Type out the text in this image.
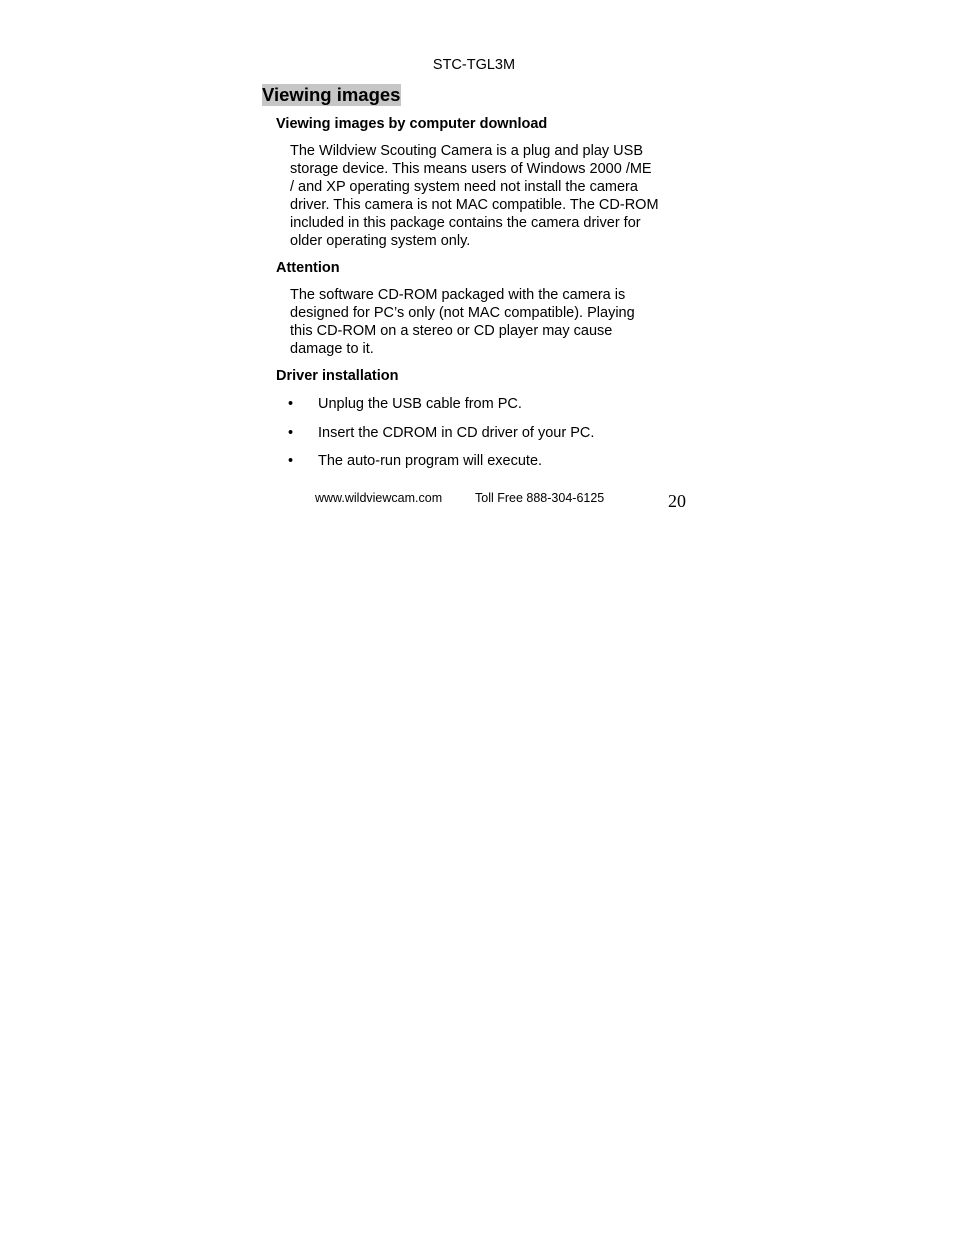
STC-TGL3M
Viewing images
Viewing images by computer download
The Wildview Scouting Camera is a plug and play USB
storage device. This means users of Windows 2000 /ME
/ and XP operating system need not install the camera
driver. This camera is not MAC compatible. The CD-ROM
included in this package contains the camera driver for
older operating system only.
Attention
The software CD-ROM packaged with the camera is
designed for PC’s only (not MAC compatible). Playing
this CD-ROM on a stereo or CD player may cause
damage to it.
Driver installation
• Unplug the USB cable from PC.
• Insert the CDROM in CD driver of your PC.
• The auto-run program will execute.
www.wildviewcam.com	Toll Free 888-304-6125	20
